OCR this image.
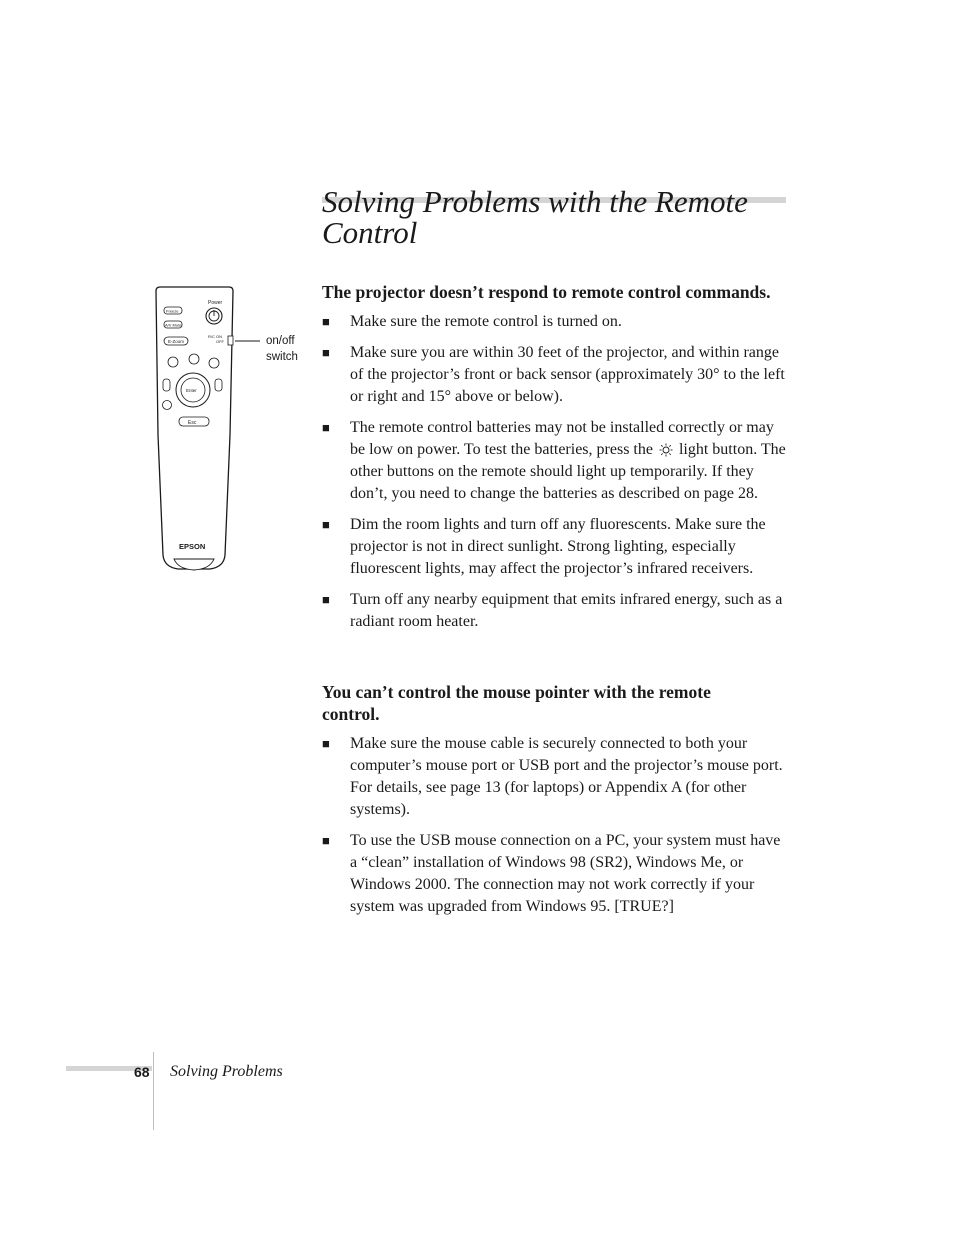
Solving Problems with the Remote Control
Power
Freeze
A/V Mute
E-Zoom
R/C ON
OFF
Enter
Esc
EPSON
on/off
switch
The projector doesn’t respond to remote control commands.
■ Make sure the remote control is turned on.
■ Make sure you are within 30 feet of the projector, and within range of the projector’s front or back sensor (approximately 30° to the left or right and 15° above or below).
■ The remote control batteries may not be installed correctly or may be low on power. To test the batteries, press the light button. The other buttons on the remote should light up temporarily. If they don’t, you need to change the batteries as described on page 28.
■ Dim the room lights and turn off any fluorescents. Make sure the projector is not in direct sunlight. Strong lighting, especially fluorescent lights, may affect the projector’s infrared receivers.
■ Turn off any nearby equipment that emits infrared energy, such as a radiant room heater.
You can’t control the mouse pointer with the remote control.
■ Make sure the mouse cable is securely connected to both your computer’s mouse port or USB port and the projector’s mouse port. For details, see page 13 (for laptops) or Appendix A (for other systems).
■ To use the USB mouse connection on a PC, your system must have a “clean” installation of Windows 98 (SR2), Windows Me, or Windows 2000. The connection may not work correctly if your system was upgraded from Windows 95. [TRUE?]
68 Solving Problems
